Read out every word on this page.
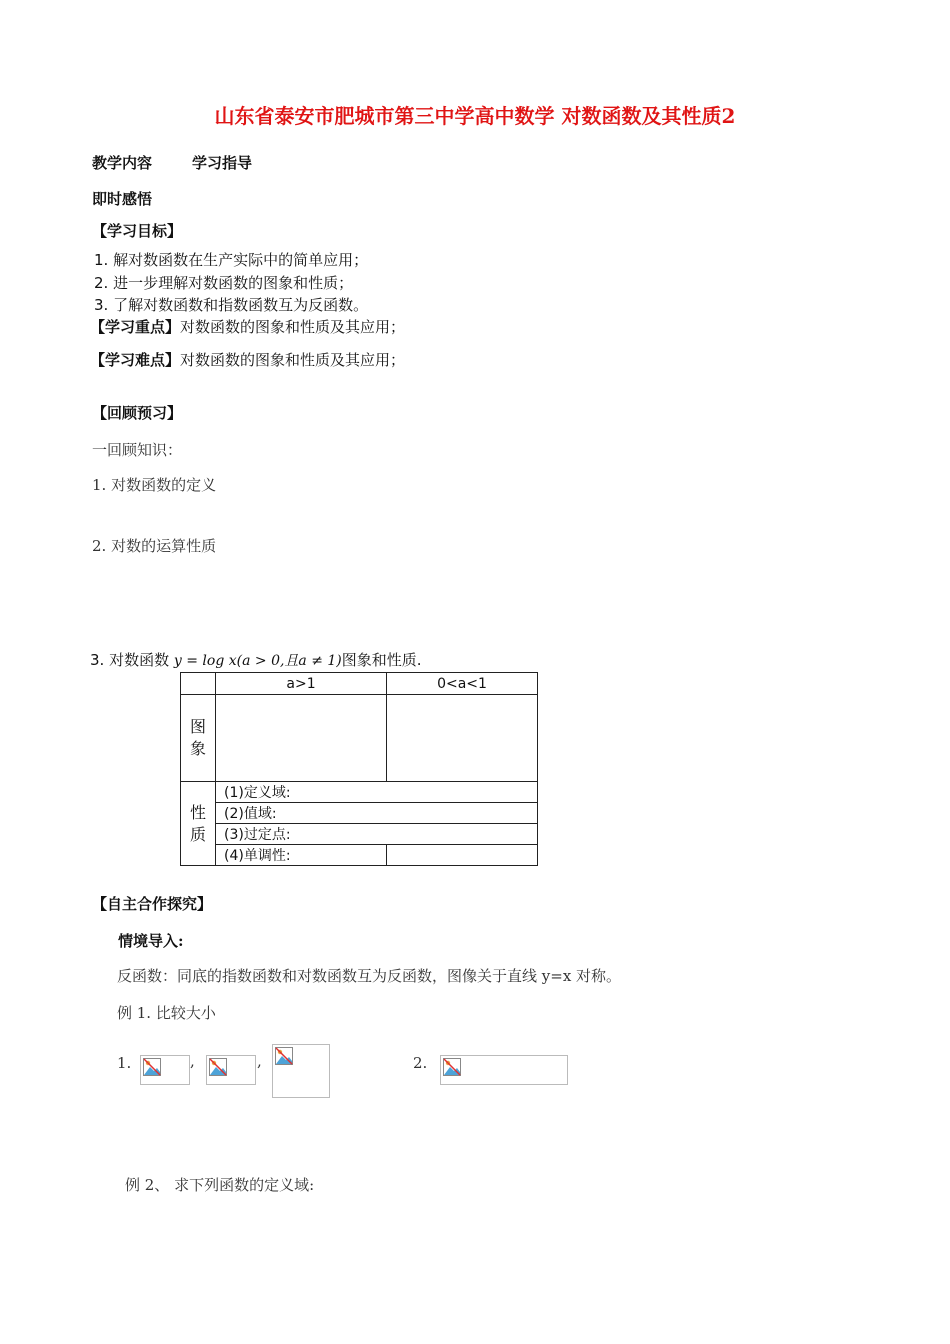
山东省泰安市肥城市第三中学高中数学 对数函数及其性质2
教学内容	学习指导
即时感悟
【学习目标】
1. 解对数函数在生产实际中的简单应用；
2. 进一步理解对数函数的图象和性质；
3. 了解对数函数和指数函数互为反函数。
【学习重点】对数函数的图象和性质及其应用；
【学习难点】对数函数的图象和性质及其应用；
【回顾预习】
一回顾知识：
1. 对数函数的定义
2. 对数的运算性质
3. 对数函数 y = log x(a > 0,且a ≠ 1)图象和性质.
	a>1	0<a<1
图
象		
性
质	(1)定义域:	
	(2)值域:	
	(3)过定点:	
	(4)单调性:	
【自主合作探究】
情境导入:
反函数：同底的指数函数和对数函数互为反函数，图像关于直线 y=x 对称。
例 1. 比较大小
1.	,	,	2.
例 2、 求下列函数的定义域:
